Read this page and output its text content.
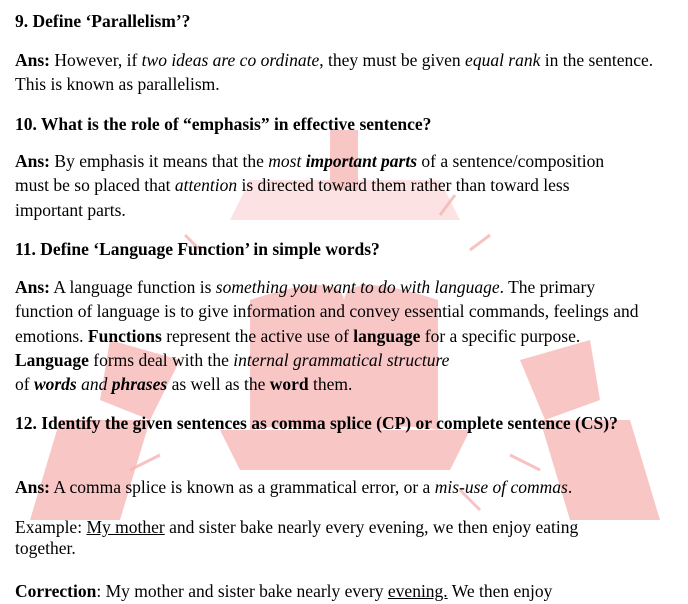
9. Define ‘Parallelism’?
Ans: However, if two ideas are co ordinate, they must be given equal rank in the sentence. This is known as parallelism.
10. What is the role of “emphasis” in effective sentence?
Ans: By emphasis it means that the most important parts of a sentence/composition must be so placed that attention is directed toward them rather than toward less important parts.
11. Define ‘Language Function’ in simple words?
Ans: A language function is something you want to do with language. The primary function of language is to give information and convey essential commands, feelings and emotions. Functions represent the active use of language for a specific purpose. Language forms deal with the internal grammatical structure
of words and phrases as well as the word them.
12. Identify the given sentences as comma splice (CP) or complete sentence (CS)?
Ans: A comma splice is known as a grammatical error, or a mis-use of commas.
Example: My mother and sister bake nearly every evening, we then enjoy eating together.
Correction: My mother and sister bake nearly every evening. We then enjoy
